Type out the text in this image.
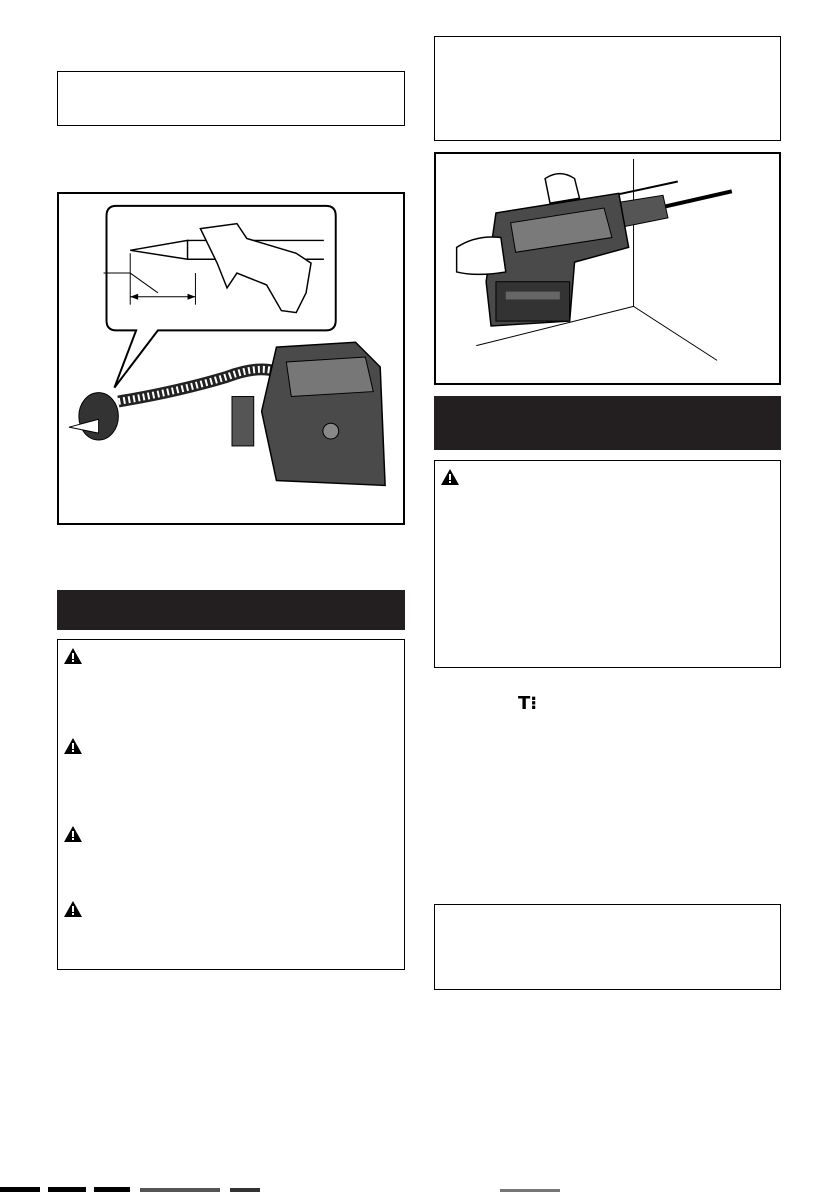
T⁝
